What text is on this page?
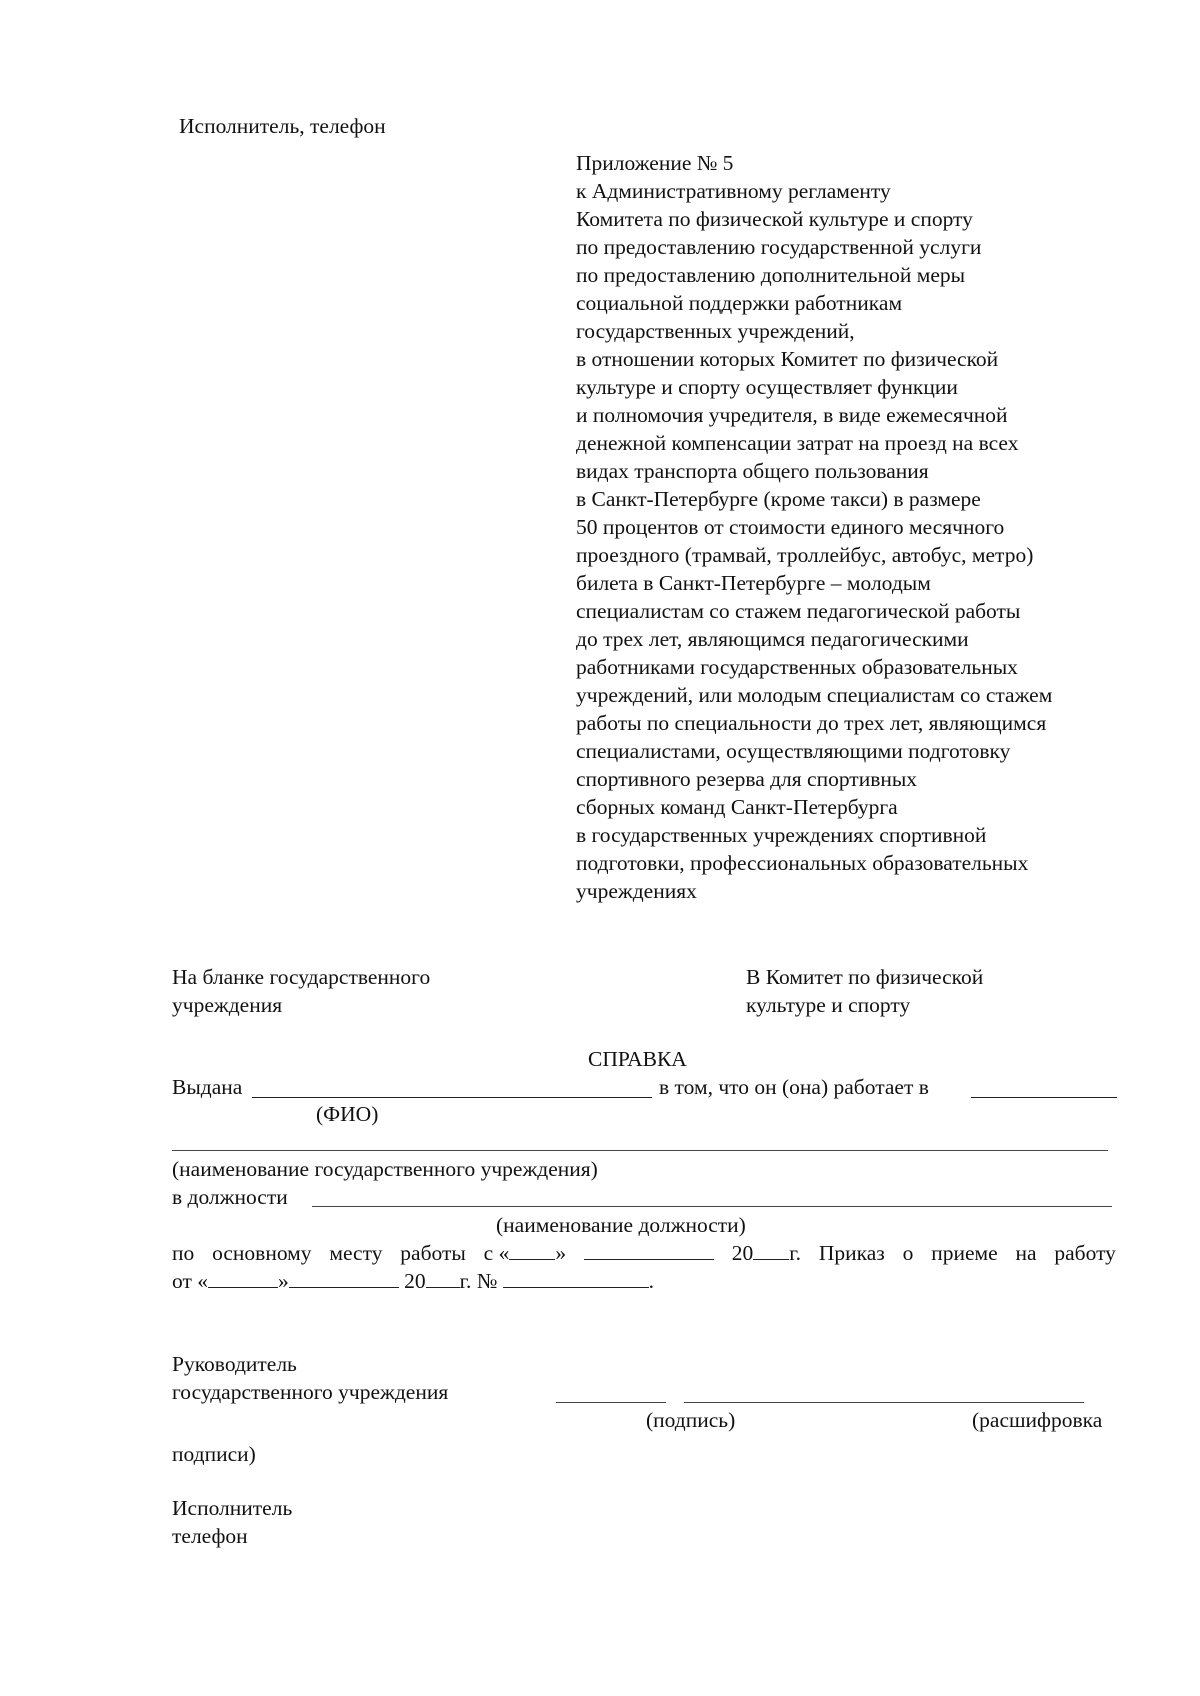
Исполнитель, телефон
Приложение № 5
к Административному регламенту
Комитета по физической культуре и спорту
по предоставлению государственной услуги
по предоставлению дополнительной меры
социальной поддержки работникам
государственных учреждений,
в отношении которых Комитет по физической
культуре и спорту осуществляет функции
и полномочия учредителя, в виде ежемесячной
денежной компенсации затрат на проезд на всех
видах транспорта общего пользования
в Санкт-Петербурге (кроме такси) в размере
50 процентов от стоимости единого месячного
проездного (трамвай, троллейбус, автобус, метро)
билета в Санкт-Петербурге – молодым
специалистам со стажем педагогической работы
до трех лет, являющимся педагогическими
работниками государственных образовательных
учреждений, или молодым специалистам со стажем
работы по специальности до трех лет, являющимся
специалистами, осуществляющими подготовку
спортивного резерва для спортивных
сборных команд Санкт-Петербурга
в государственных учреждениях спортивной
подготовки, профессиональных образовательных
учреждениях
На бланке государственного
учреждения
В Комитет по физической
культуре и спорту
СПРАВКА
Выдана	в том, что он (она) работает в
(ФИО)
(наименование государственного учреждения)
в должности
(наименование должности)
по основному месту работы с « »	20 г. Приказ о приеме на работу
от «	»	20 г. №	.
Руководитель
государственного учреждения
(подпись)	(расшифровка
подписи)
Исполнитель
телефон
